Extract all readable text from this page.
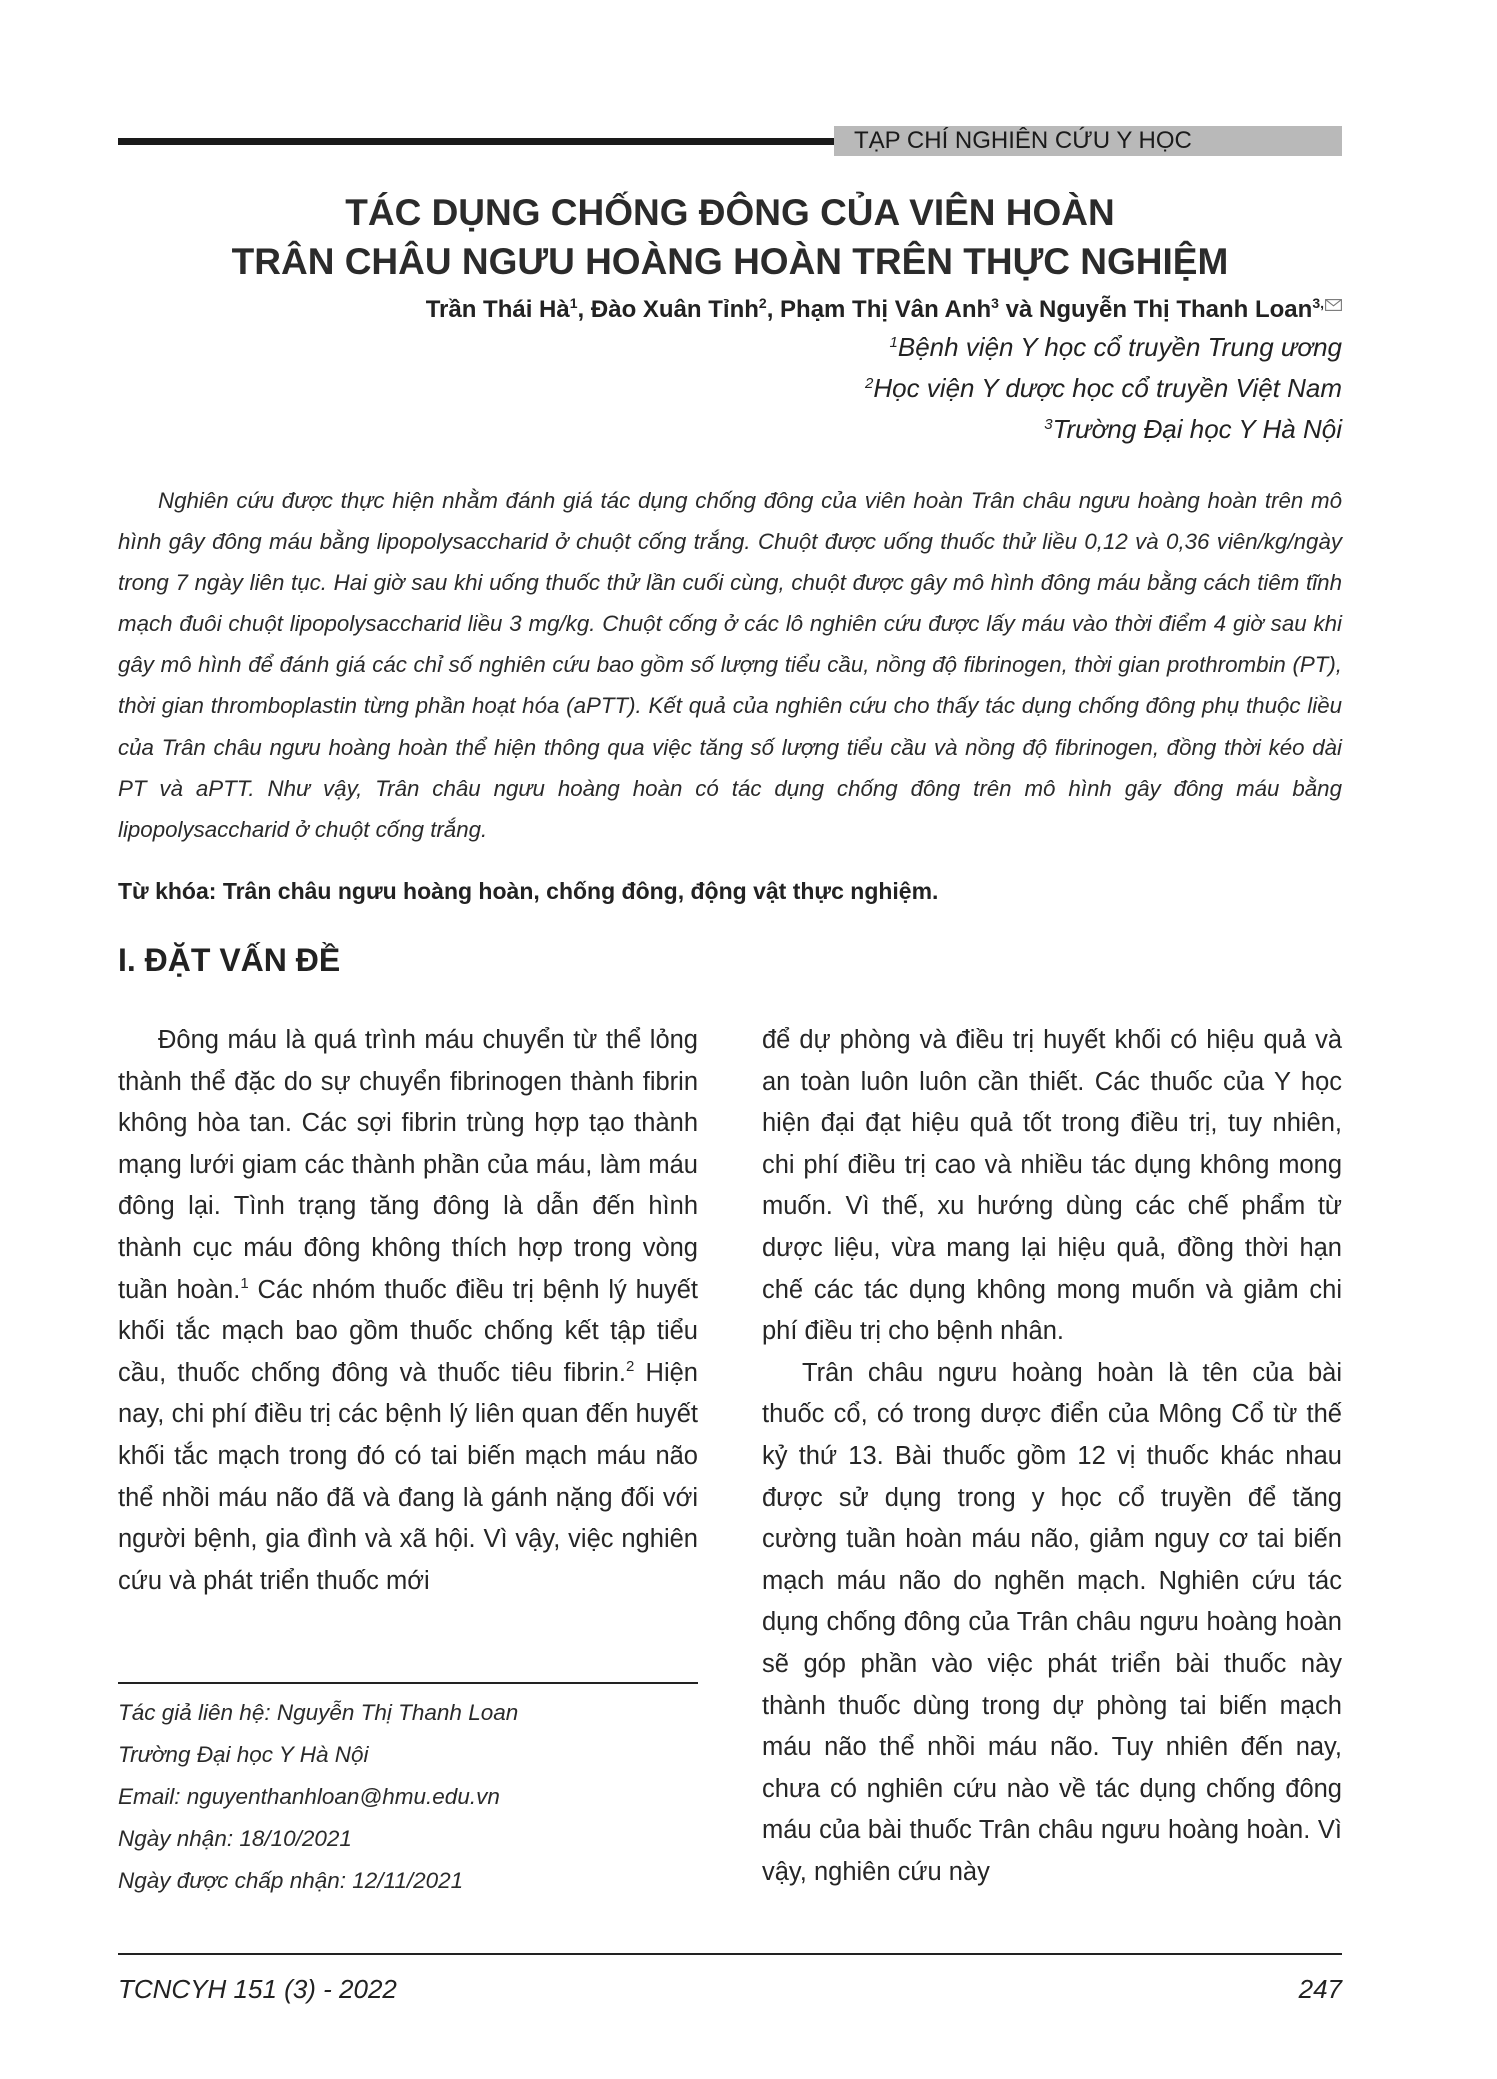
TẠP CHÍ NGHIÊN CỨU Y HỌC
TÁC DỤNG CHỐNG ĐÔNG CỦA VIÊN HOÀN
TRÂN CHÂU NGƯU HOÀNG HOÀN TRÊN THỰC NGHIỆM
Trần Thái $Hà^1$, Đào Xuân Tỉnh$^2$, Phạm Thị Vân Anh$^3$ và Nguyễn Thị Thanh Loan$^{3,}$
$^1$Bệnh viện Y học cổ truyền Trung ương
$^2$Học viện Y dược học cổ truyền Việt Nam
$^3$Trường Đại học Y Hà Nội

Nghiên cứu được thực hiện nhằm đánh giá tác dụng chống đông của viên hoàn Trân châu ngưu hoàng hoàn trên mô hình gây đông máu bằng lipopolysaccharid ở chuột cống trắng. Chuột được uống thuốc thử liều 0,12 và 0,36 viên/kg/ngày trong 7 ngày liên tục. Hai giờ sau khi uống thuốc thử lần cuối cùng, chuột được gây mô hình đông máu bằng cách tiêm tĩnh mạch đuôi chuột lipopolysaccharid liều 3 mg/kg. Chuột cống ở các lô nghiên cứu được lấy máu vào thời điểm 4 giờ sau khi gây mô hình để đánh giá các chỉ số nghiên cứu bao gồm số lượng tiểu cầu, nồng độ fibrinogen, thời gian prothrombin (PT), thời gian thromboplastin từng phần hoạt hóa (aPTT). Kết quả của nghiên cứu cho thấy tác dụng chống đông phụ thuộc liều của Trân châu ngưu hoàng hoàn thể hiện thông qua việc tăng số lượng tiểu cầu và nồng độ fibrinogen, đồng thời kéo dài PT và aPTT. Như vậy, Trân châu ngưu hoàng hoàn có tác dụng chống đông trên mô hình gây đông máu bằng lipopolysaccharid ở chuột cống trắng.

Từ khóa: Trân châu ngưu hoàng hoàn, chống đông, động vật thực nghiệm.
I. ĐẶT VẤN ĐỀ

Đông máu là quá trình máu chuyển từ thể lỏng thành thể đặc do sự chuyển fibrinogen thành fibrin không hòa tan. Các sợi fibrin trùng hợp tạo thành mạng lưới giam các thành phần của máu, làm máu đông lại. Tình trạng tăng đông là dẫn đến hình thành cục máu đông không thích hợp trong vòng tuần hoàn.$^1$ Các nhóm thuốc điều trị bệnh lý huyết khối tắc mạch bao gồm thuốc chống kết tập tiểu cầu, thuốc chống đông và thuốc tiêu fibrin.$^2$ Hiện nay, chi phí điều trị các bệnh lý liên quan đến huyết khối tắc mạch trong đó có tai biến mạch máu não thể nhồi máu não đã và đang là gánh nặng đối với người bệnh, gia đình và xã hội. Vì vậy, việc nghiên cứu và phát triển thuốc mới

để dự phòng và điều trị huyết khối có hiệu quả và an toàn luôn luôn cần thiết. Các thuốc của Y học hiện đại đạt hiệu quả tốt trong điều trị, tuy nhiên, chi phí điều trị cao và nhiều tác dụng không mong muốn. Vì thế, xu hướng dùng các chế phẩm từ dược liệu, vừa mang lại hiệu quả, đồng thời hạn chế các tác dụng không mong muốn và giảm chi phí điều trị cho bệnh nhân.

Trân châu ngưu hoàng hoàn là tên của bài thuốc cổ, có trong dược điển của Mông Cổ từ thế kỷ thứ 13. Bài thuốc gồm 12 vị thuốc khác nhau được sử dụng trong y học cổ truyền để tăng cường tuần hoàn máu não, giảm nguy cơ tai biến mạch máu não do nghẽn mạch. Nghiên cứu tác dụng chống đông của Trân châu ngưu hoàng hoàn sẽ góp phần vào việc phát triển bài thuốc này thành thuốc dùng trong dự phòng tai biến mạch máu não thể nhồi máu não. Tuy nhiên đến nay, chưa có nghiên cứu nào về tác dụng chống đông máu của bài thuốc Trân châu ngưu hoàng hoàn. Vì vậy, nghiên cứu này

Tác giả liên hệ: Nguyễn Thị Thanh Loan
Trường Đại học Y Hà Nội
Email: nguyenthanhloan@hmu.edu.vn
Ngày nhận: 18/10/2021
Ngày được chấp nhận: 12/11/2021
TCNCYH 151 (3) - 2022	247
